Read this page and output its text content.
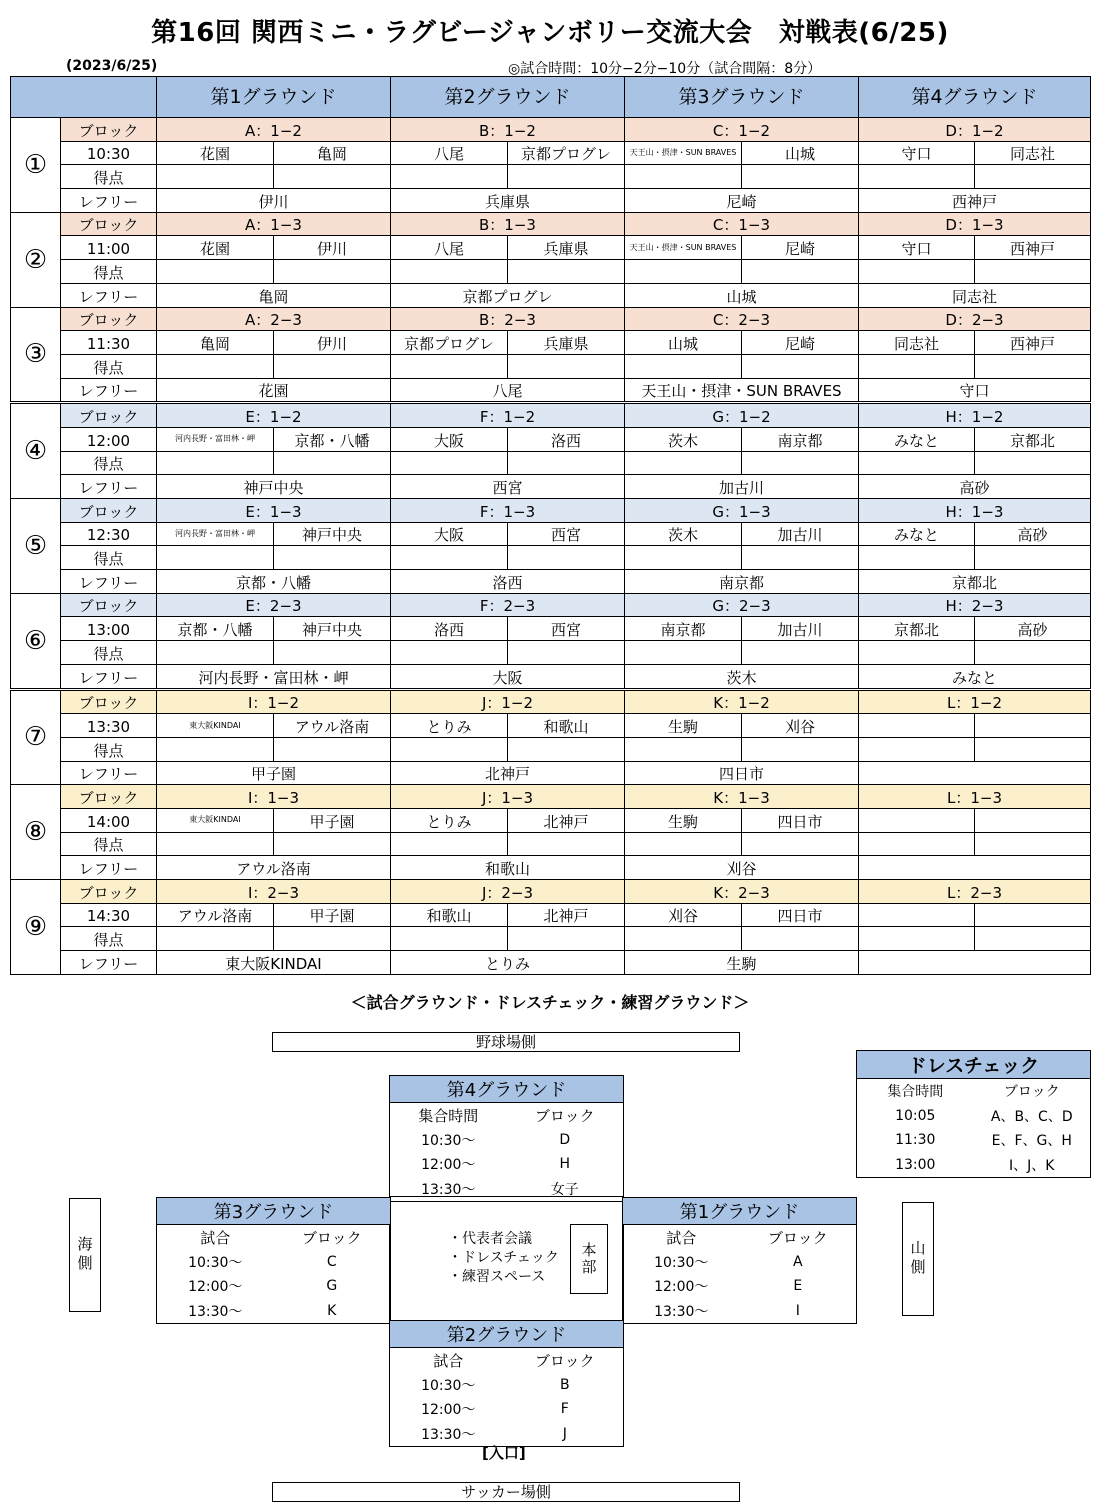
第16回 関西ミニ・ラグビージャンボリー交流大会　対戦表(6/25)
(2023/6/25)	◎試合時間：10分−2分−10分（試合間隔：8分）
		第1グラウンド		第2グラウンド		第3グラウンド		第4グラウンド	
①	ブロック	A：1−2		B：1−2		C：1−2		D：1−2	
	10:30	花園	亀岡	八尾	京都プログレ	天王山・摂津・SUN BRAVES	山城	守口	同志社
	得点								
	レフリー	伊川		兵庫県		尼崎		西神戸	
②	ブロック	A：1−3		B：1−3		C：1−3		D：1−3	
	11:00	花園	伊川	八尾	兵庫県	天王山・摂津・SUN BRAVES	尼崎	守口	西神戸
	得点								
	レフリー	亀岡		京都プログレ		山城		同志社	
③	ブロック	A：2−3		B：2−3		C：2−3		D：2−3	
	11:30	亀岡	伊川	京都プログレ	兵庫県	山城	尼崎	同志社	西神戸
	得点								
	レフリー	花園		八尾		天王山・摂津・SUN BRAVES		守口	
④	ブロック	E：1−2		F：1−2		G：1−2		H：1−2	
	12:00	河内長野・富田林・岬	京都・八幡	大阪	洛西	茨木	南京都	みなと	京都北
	得点								
	レフリー	神戸中央		西宮		加古川		高砂	
⑤	ブロック	E：1−3		F：1−3		G：1−3		H：1−3	
	12:30	河内長野・富田林・岬	神戸中央	大阪	西宮	茨木	加古川	みなと	高砂
	得点								
	レフリー	京都・八幡		洛西		南京都		京都北	
⑥	ブロック	E：2−3		F：2−3		G：2−3		H：2−3	
	13:00	京都・八幡	神戸中央	洛西	西宮	南京都	加古川	京都北	高砂
	得点								
	レフリー	河内長野・富田林・岬		大阪		茨木		みなと	
⑦	ブロック	I：1−2		J：1−2		K：1−2		L：1−2	
	13:30	東大阪KINDAI	アウル洛南	とりみ	和歌山	生駒	刈谷		
	得点								
	レフリー	甲子園		北神戸		四日市			
⑧	ブロック	I：1−3		J：1−3		K：1−3		L：1−3	
	14:00	東大阪KINDAI	甲子園	とりみ	北神戸	生駒	四日市		
	得点								
	レフリー	アウル洛南		和歌山		刈谷			
⑨	ブロック	I：2−3		J：2−3		K：2−3		L：2−3	
	14:30	アウル洛南	甲子園	和歌山	北神戸	刈谷	四日市		
	得点								
	レフリー	東大阪KINDAI		とりみ		生駒			
＜試合グラウンド・ドレスチェック・練習グラウンド＞
野球場側
サッカー場側
海側	山側
・代表者会議
・ドレスチェック
・練習スペース
本部
第4グラウンド	
集合時間	ブロック
10:30〜	D
12:00〜	H
13:30〜	女子
第3グラウンド	
試合	ブロック
10:30〜	C
12:00〜	G
13:30〜	K
第1グラウンド	
試合	ブロック
10:30〜	A
12:00〜	E
13:30〜	I
第2グラウンド	
試合	ブロック
10:30〜	B
12:00〜	F
13:30〜	J
[入口]
ドレスチェック	
集合時間	ブロック
10:05	A、B、C、D
11:30	E、F、G、H
13:00	I、J、K
